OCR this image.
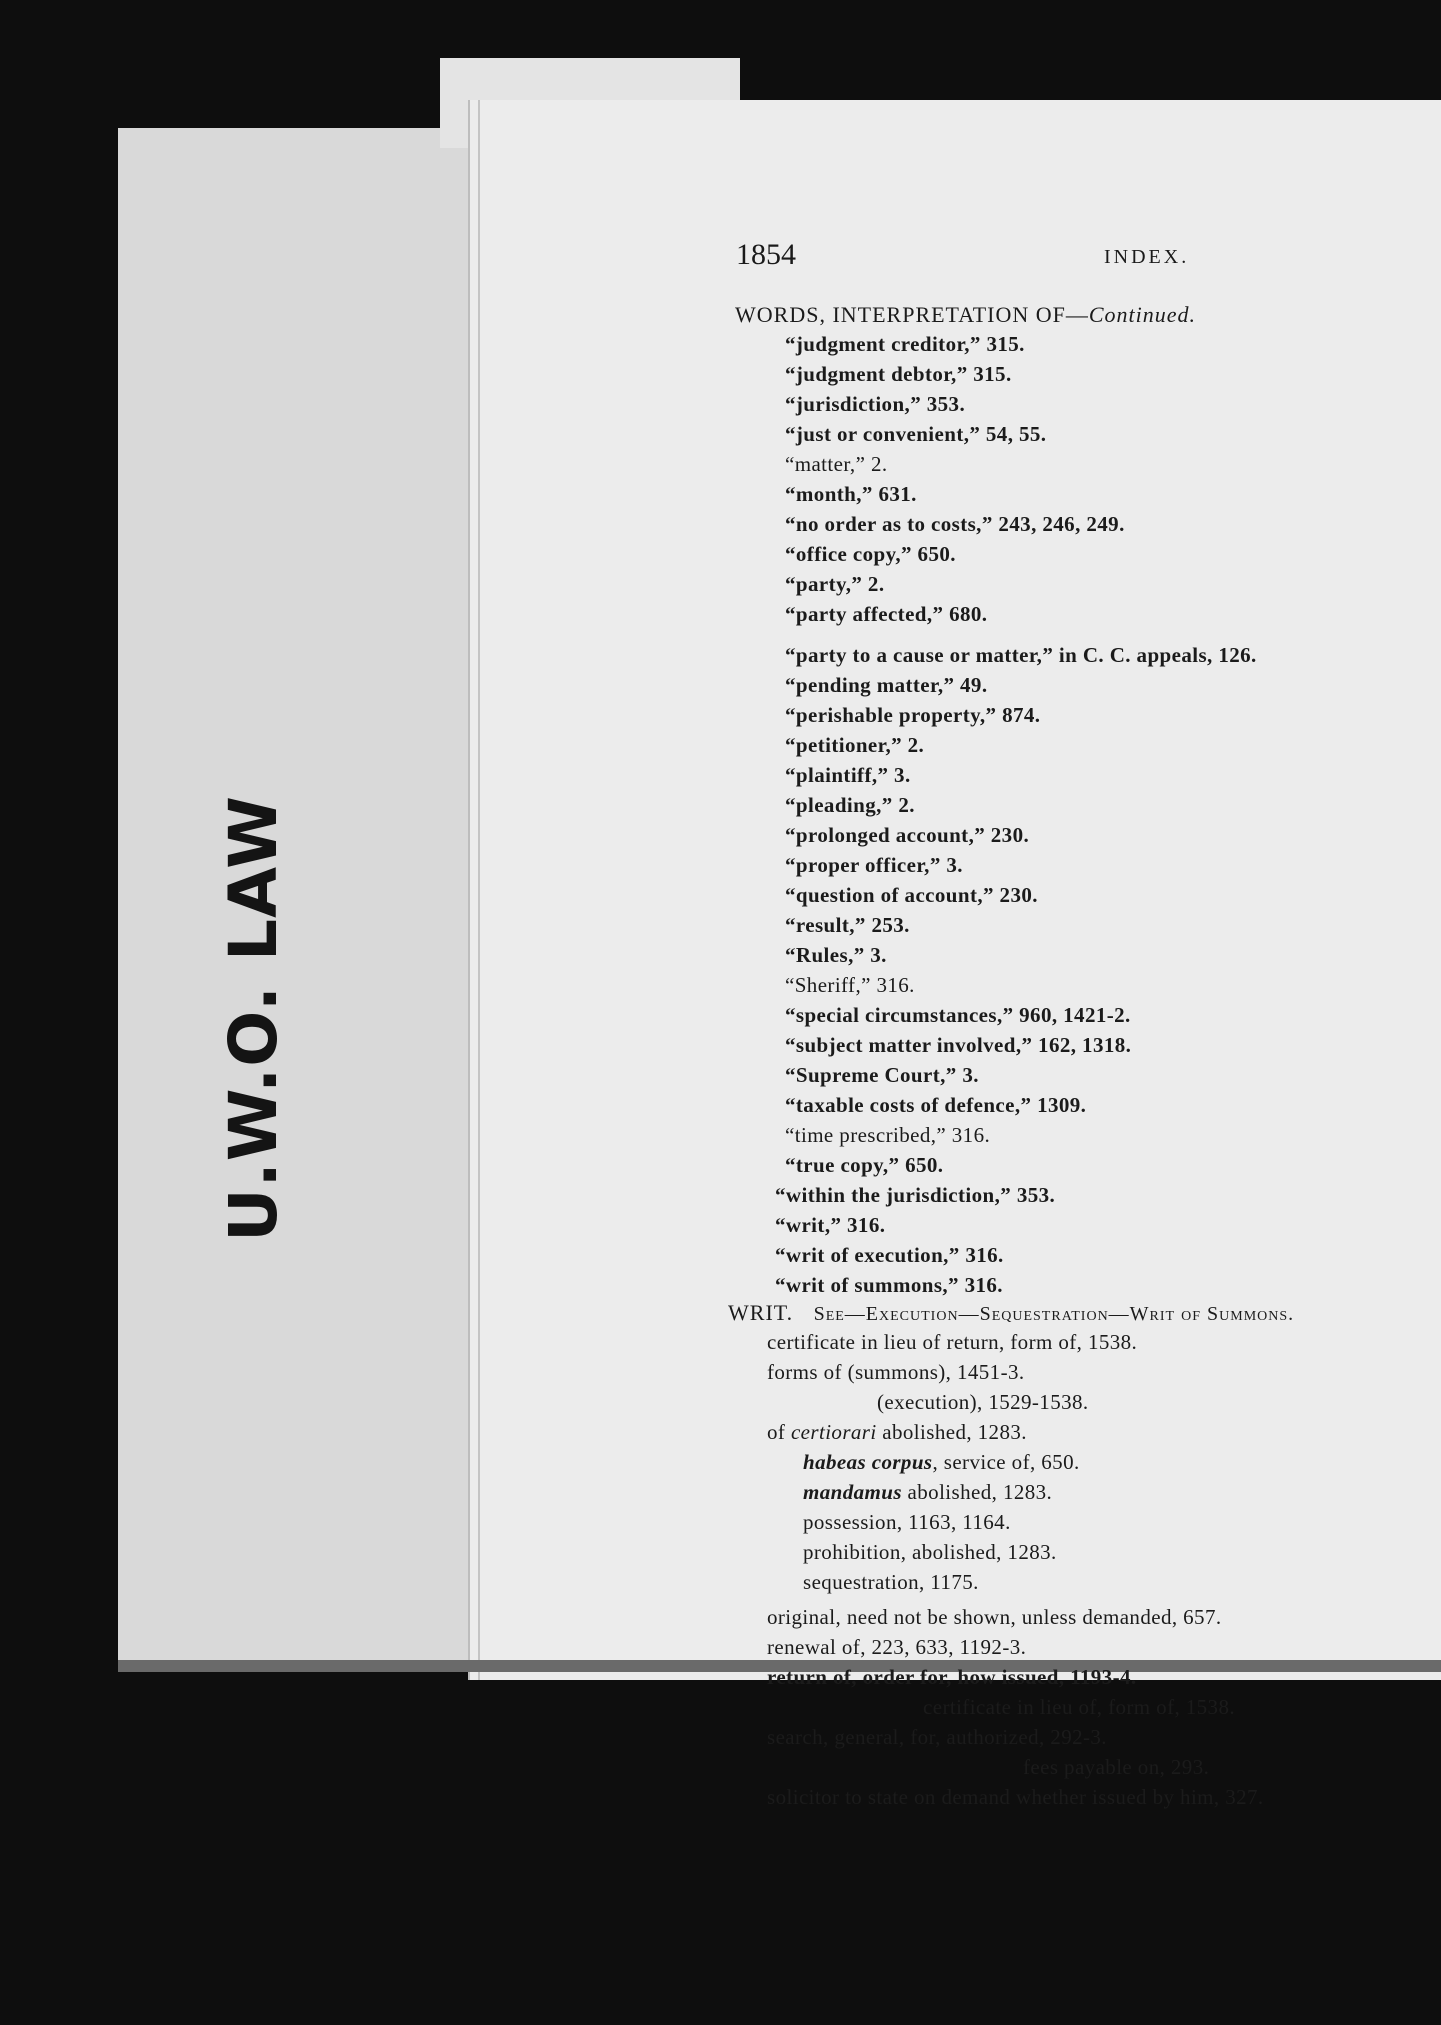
U.W.O. LAW
1854	INDEX.
WORDS, INTERPRETATION OF—Continued.
“judgment creditor,” 315.
“judgment debtor,” 315.
“jurisdiction,” 353.
“just or convenient,” 54, 55.
“matter,” 2.
“month,” 631.
“no order as to costs,” 243, 246, 249.
“office copy,” 650.
“party,” 2.
“party affected,” 680.
“party to a cause or matter,” in C. C. appeals, 126.
“pending matter,” 49.
“perishable property,” 874.
“petitioner,” 2.
“plaintiff,” 3.
“pleading,” 2.
“prolonged account,” 230.
“proper officer,” 3.
“question of account,” 230.
“result,” 253.
“Rules,” 3.
“Sheriff,” 316.
“special circumstances,” 960, 1421-2.
“subject matter involved,” 162, 1318.
“Supreme Court,” 3.
“taxable costs of defence,” 1309.
“time prescribed,” 316.
“true copy,” 650.
“within the jurisdiction,” 353.
“writ,” 316.
“writ of execution,” 316.
“writ of summons,” 316.
WRIT. See—Execution—Sequestration—Writ of Summons.
certificate in lieu of return, form of, 1538.
forms of (summons), 1451-3.
(execution), 1529-1538.
of certiorari abolished, 1283.
habeas corpus, service of, 650.
mandamus abolished, 1283.
possession, 1163, 1164.
prohibition, abolished, 1283.
sequestration, 1175.
original, need not be shown, unless demanded, 657.
renewal of, 223, 633, 1192-3.
return of, order for, how issued, 1193-4.
certificate in lieu of, form of, 1538.
search, general, for, authorized, 292-3.
fees payable on, 293.
solicitor to state on demand whether issued by him, 327.
